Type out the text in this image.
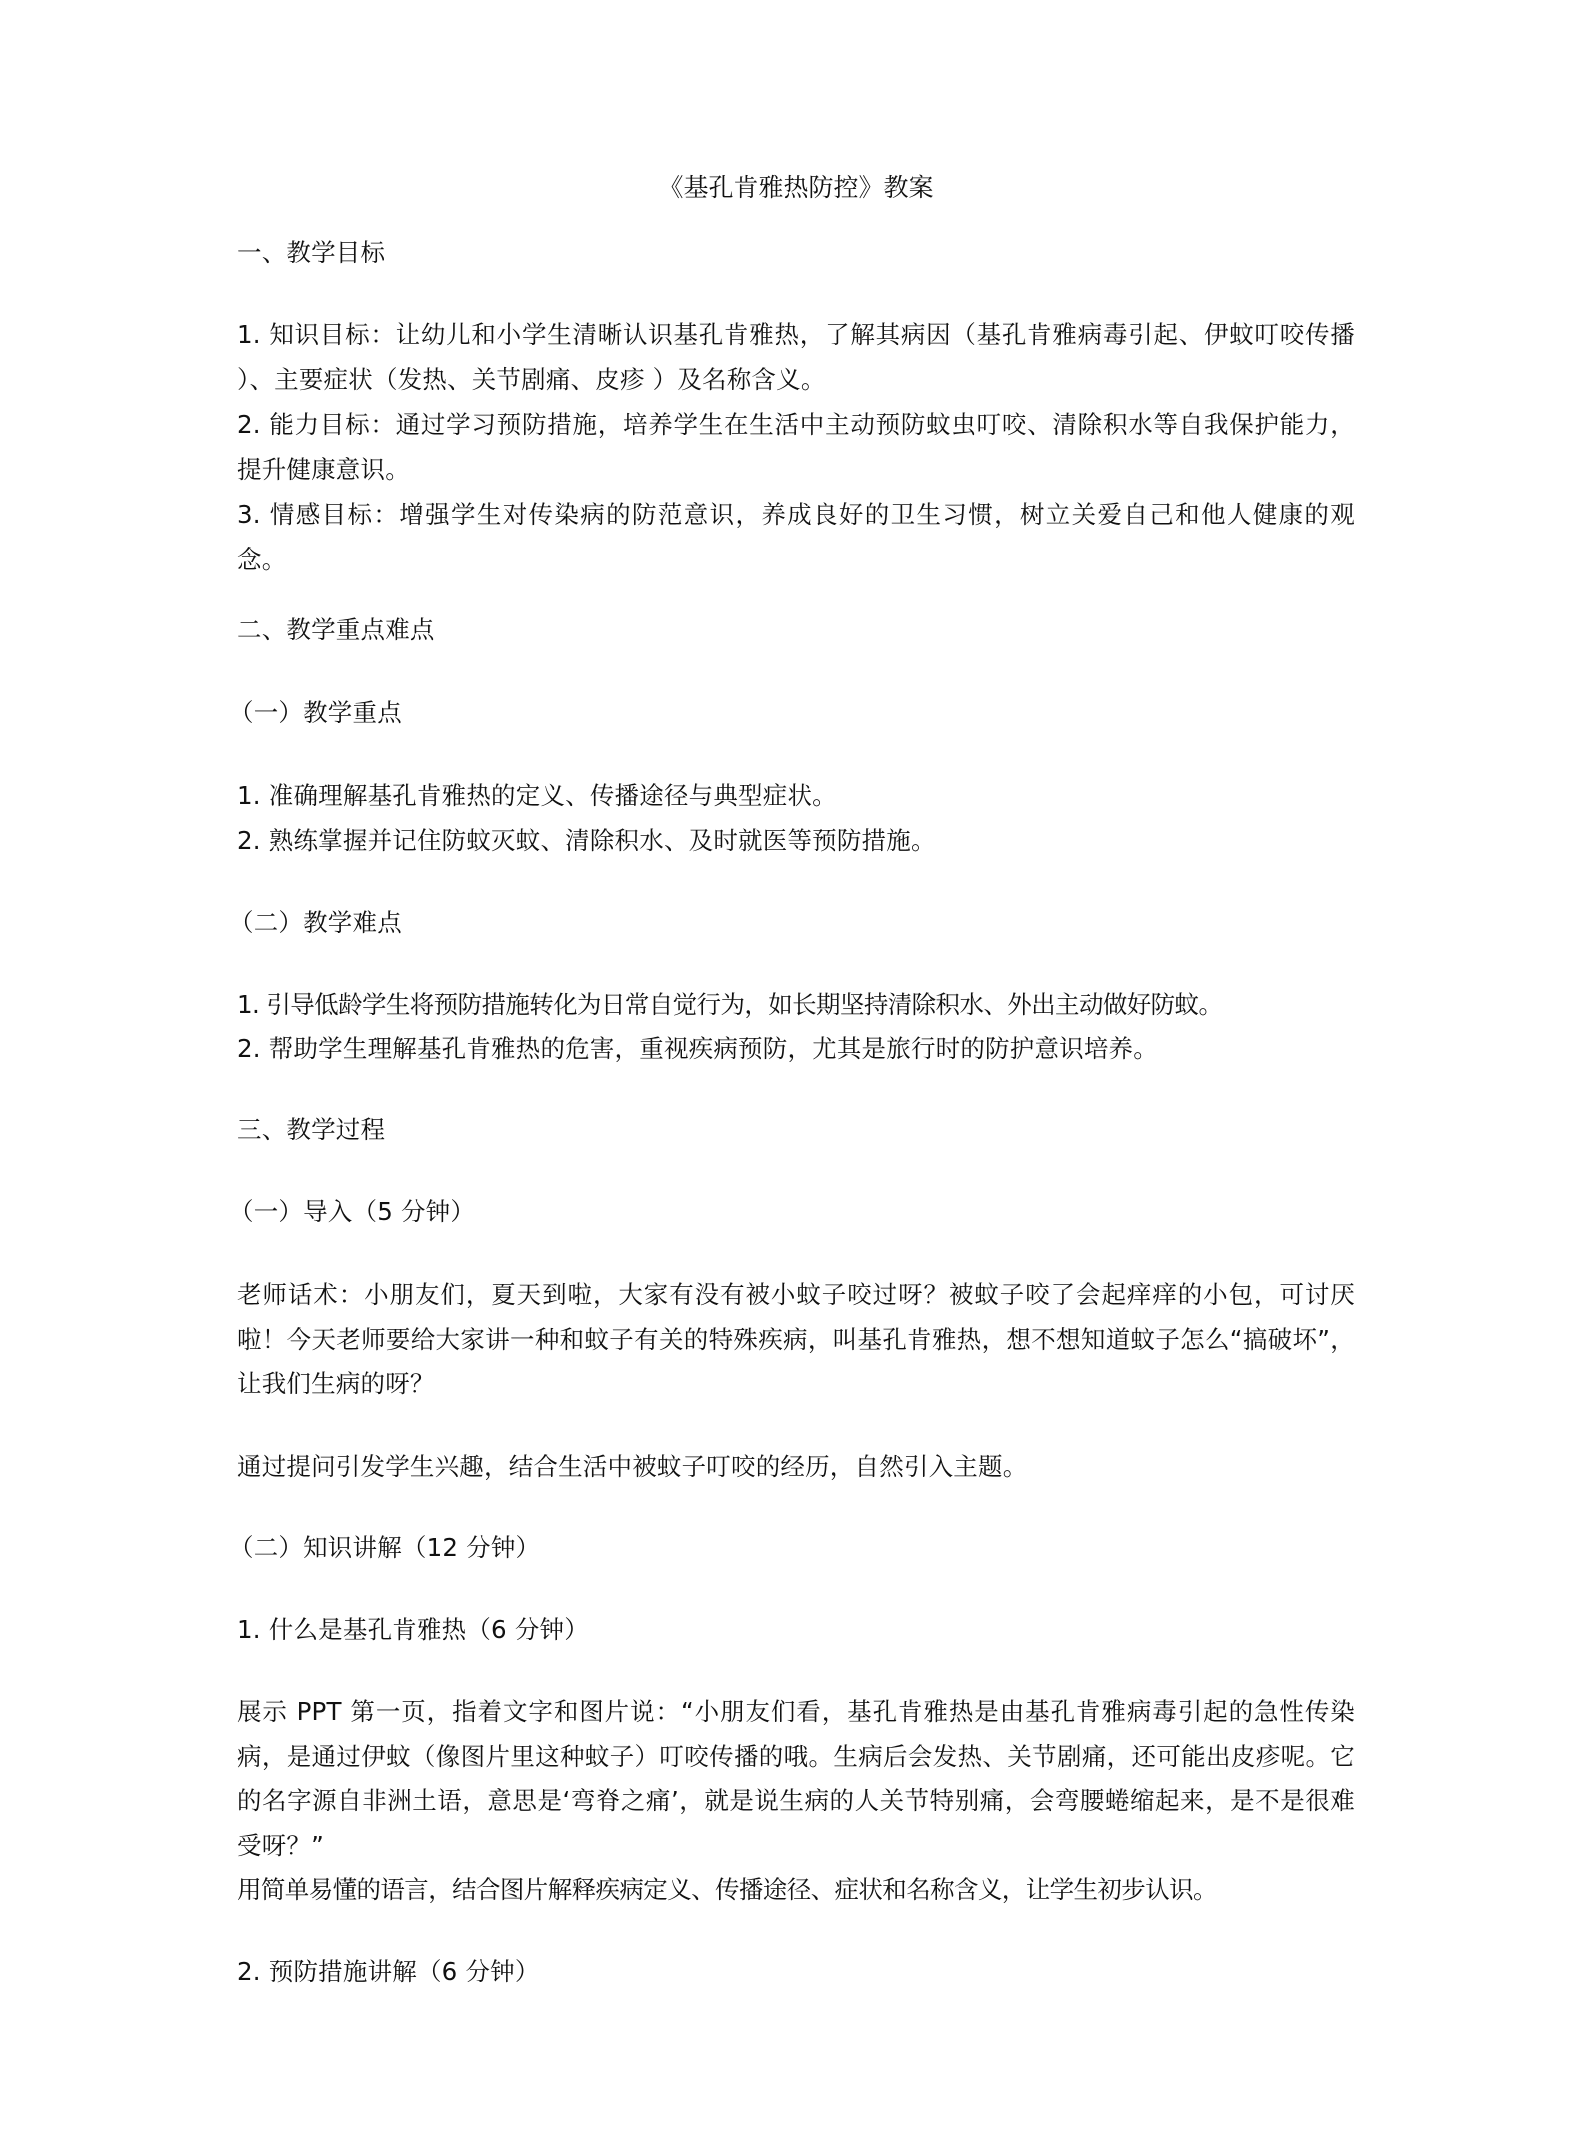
《基孔肯雅热防控》教案
一、教学目标
1. 知识目标：让幼儿和小学生清晰认识基孔肯雅热，了解其病因（基孔肯雅病毒引起、伊蚊叮咬传播 ）、主要症状（发热、关节剧痛、皮疹 ）及名称含义。
2. 能力目标：通过学习预防措施，培养学生在生活中主动预防蚊虫叮咬、清除积水等自我保护能力，提升健康意识。
3. 情感目标：增强学生对传染病的防范意识，养成良好的卫生习惯，树立关爱自己和他人健康的观念。
二、教学重点难点
（一）教学重点
1. 准确理解基孔肯雅热的定义、传播途径与典型症状。
2. 熟练掌握并记住防蚊灭蚊、清除积水、及时就医等预防措施。
（二）教学难点
1. 引导低龄学生将预防措施转化为日常自觉行为，如长期坚持清除积水、外出主动做好防蚊。
2. 帮助学生理解基孔肯雅热的危害，重视疾病预防，尤其是旅行时的防护意识培养。
三、教学过程
（一）导入（5 分钟）
老师话术：小朋友们，夏天到啦，大家有没有被小蚊子咬过呀？被蚊子咬了会起痒痒的小包，可讨厌啦！今天老师要给大家讲一种和蚊子有关的特殊疾病，叫基孔肯雅热，想不想知道蚊子怎么“搞破坏”，让我们生病的呀？
通过提问引发学生兴趣，结合生活中被蚊子叮咬的经历，自然引入主题。
（二）知识讲解（12 分钟）
1. 什么是基孔肯雅热（6 分钟）
展示 PPT 第一页，指着文字和图片说：“小朋友们看，基孔肯雅热是由基孔肯雅病毒引起的急性传染病，是通过伊蚊（像图片里这种蚊子）叮咬传播的哦。生病后会发热、关节剧痛，还可能出皮疹呢。它的名字源自非洲土语，意思是‘弯脊之痛’，就是说生病的人关节特别痛，会弯腰蜷缩起来，是不是很难受呀？”
用简单易懂的语言，结合图片解释疾病定义、传播途径、症状和名称含义，让学生初步认识。
2. 预防措施讲解（6 分钟）
